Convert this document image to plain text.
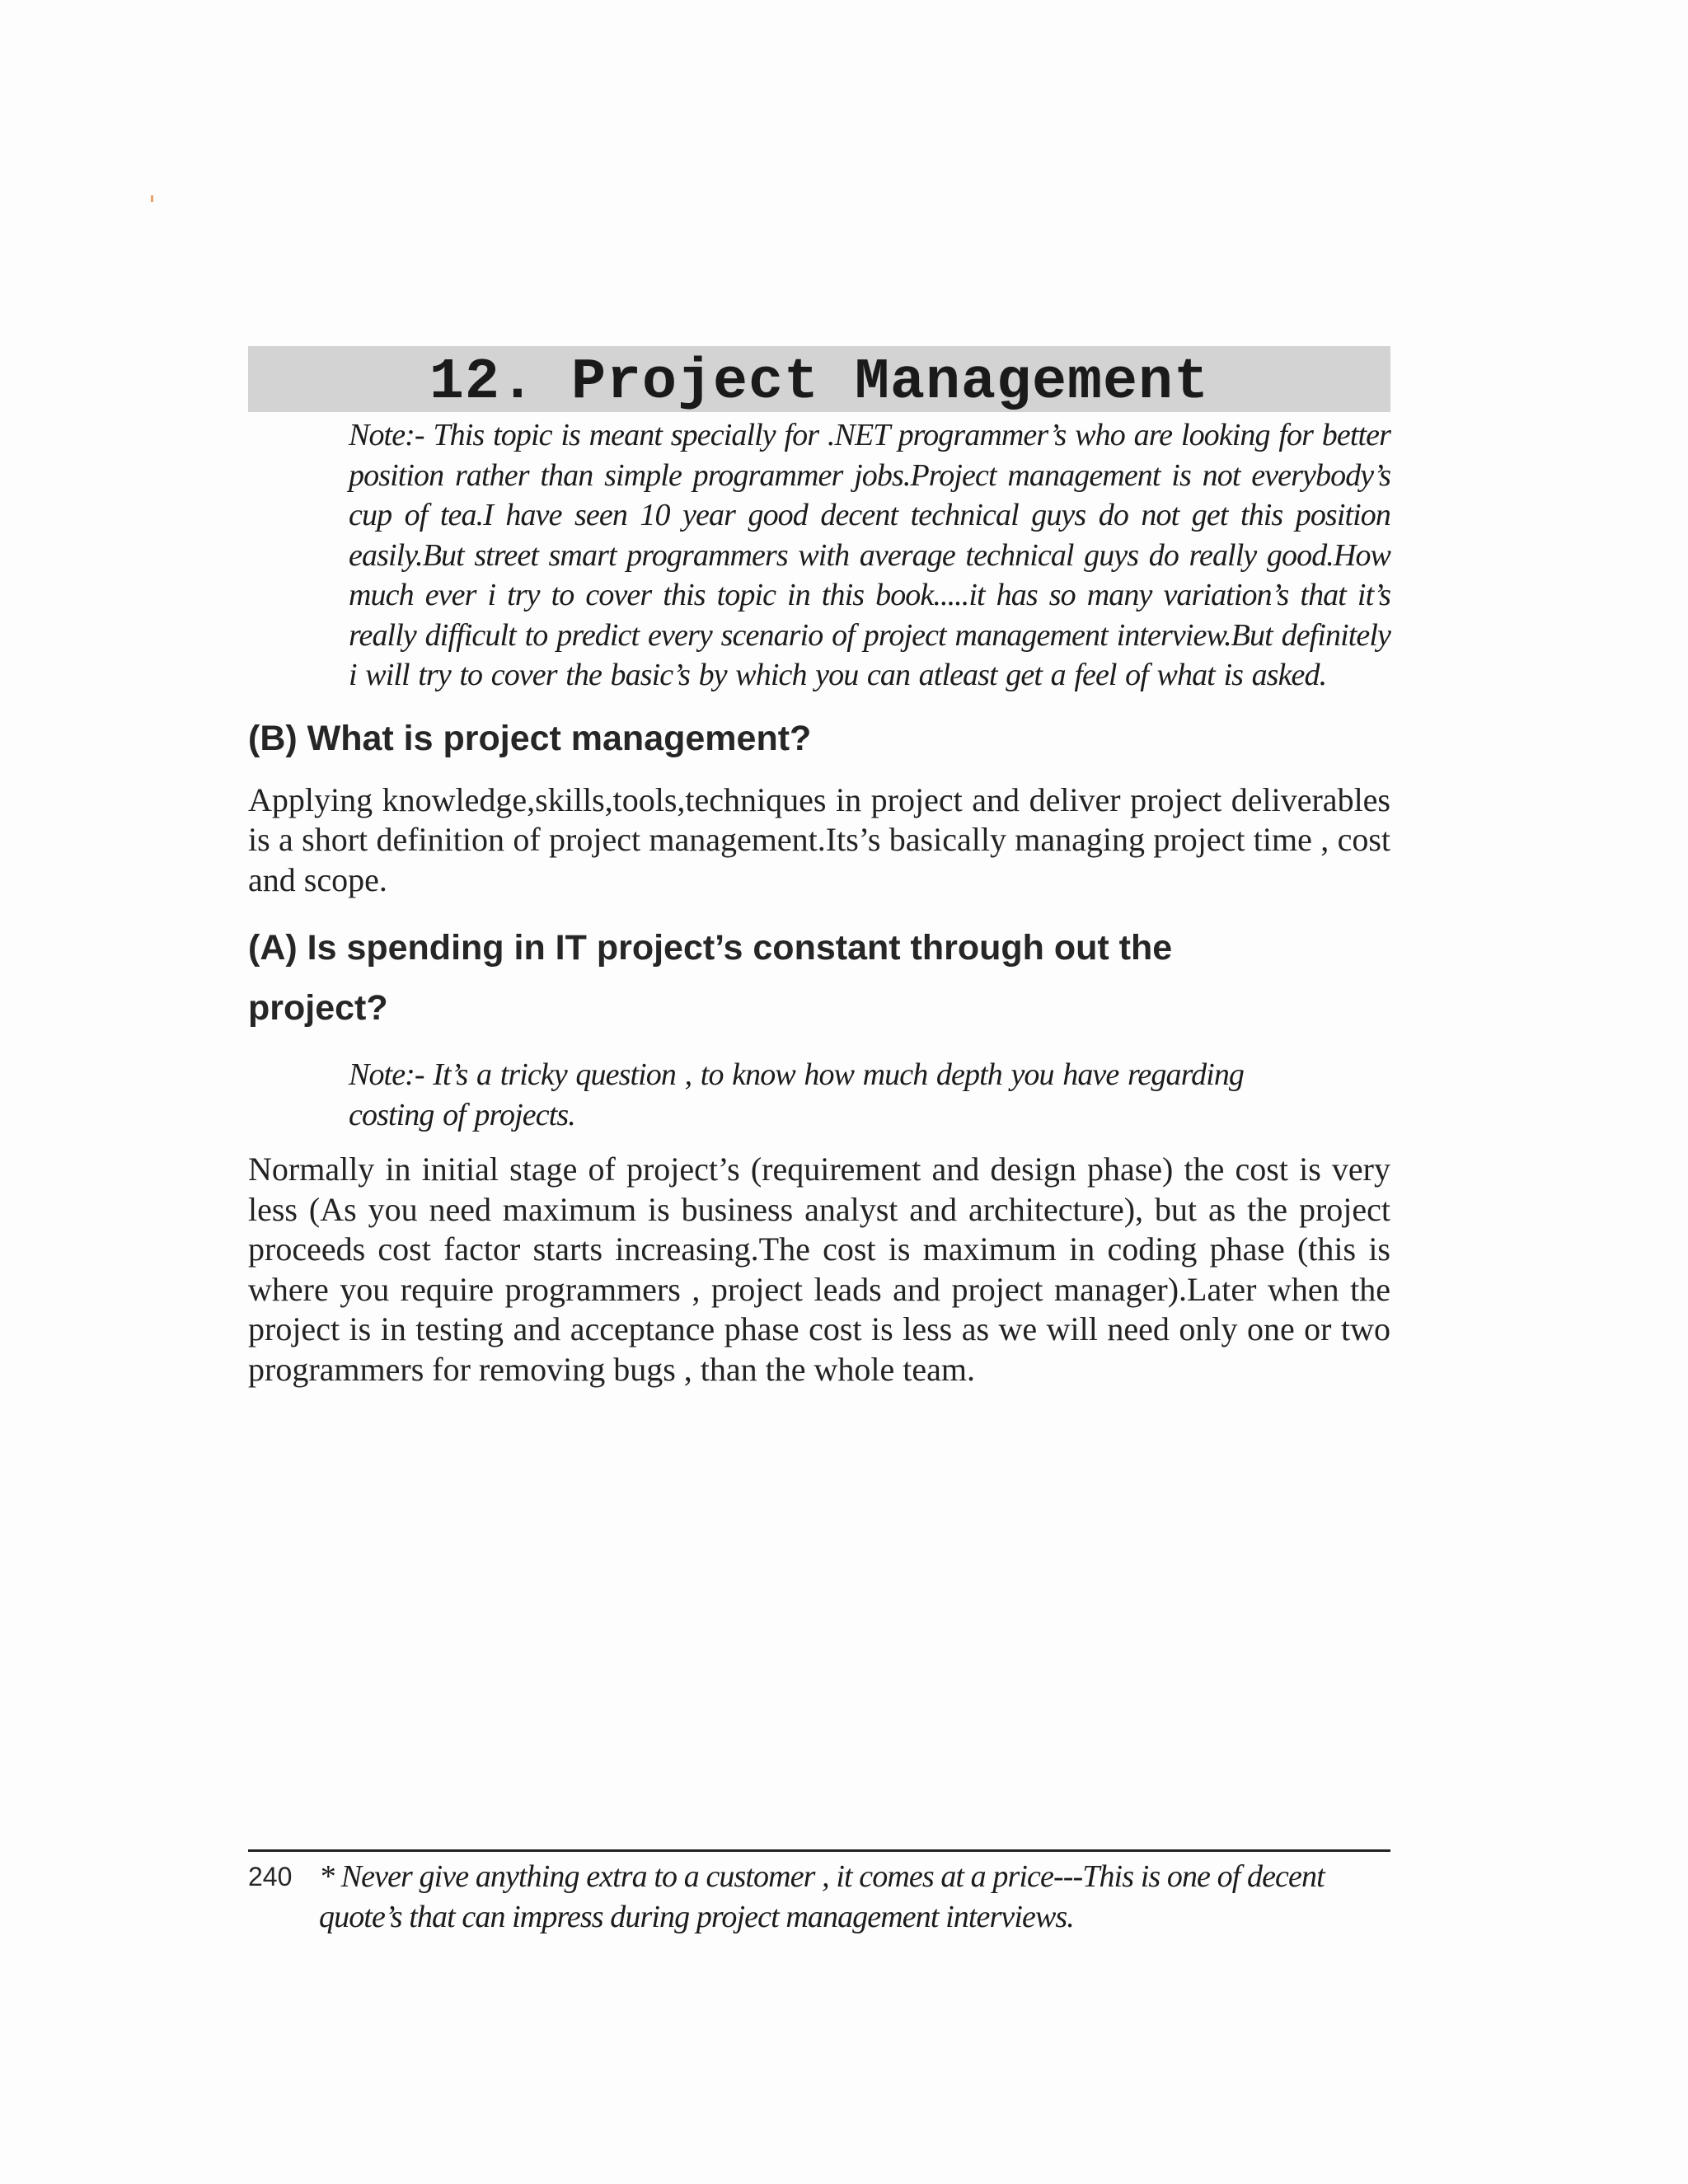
12. Project Management
Note:- This topic is meant specially for .NET programmer’s who are looking for better position rather than simple programmer jobs.Project management is not everybody’s cup of tea.I have seen 10 year good decent technical guys do not get this position easily.But street smart programmers with average technical guys do really good.How much ever i try to cover this topic in this book.....it has so many variation’s that it’s really difficult to predict every scenario of project management interview.But definitely i will try to cover the basic’s by which you can atleast get a feel of what is asked.
(B) What is project management?

Applying knowledge,skills,tools,techniques in project and deliver project deliverables is a short definition of project management.Its’s basically managing project time , cost and scope.

(A) Is spending in IT project’s constant through out the project?
Note:- It’s a tricky question , to know how much depth you have regarding costing of projects.

Normally in initial stage of project’s (requirement and design phase) the cost is very less (As you need maximum is business analyst and architecture), but as the project proceeds cost factor starts increasing.The cost is maximum in coding phase (this is where you require programmers , project leads and project manager).Later when the project is in testing and acceptance phase cost is less as we will need only one or two programmers for removing bugs , than the whole team.

240 * Never give anything extra to a customer , it comes at a price---This is one of decent quote’s that can impress during project management interviews.
